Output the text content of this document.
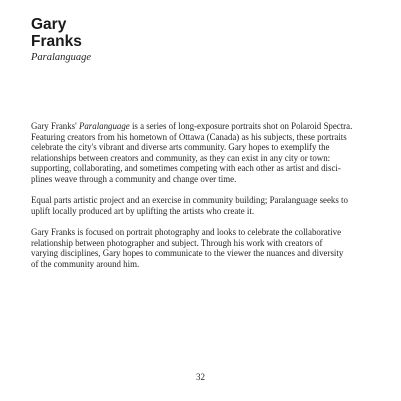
Gary
Franks
Paralanguage
Gary Franks' Paralanguage is a series of long-exposure portraits shot on Polaroid Spectra.
Featuring creators from his hometown of Ottawa (Canada) as his subjects, these portraits
celebrate the city's vibrant and diverse arts community. Gary hopes to exemplify the
relationships between creators and community, as they can exist in any city or town:
supporting, collaborating, and sometimes competing with each other as artist and disci-
plines weave through a community and change over time.
Equal parts artistic project and an exercise in community building; Paralanguage seeks to
uplift locally produced art by uplifting the artists who create it.
Gary Franks is focused on portrait photography and looks to celebrate the collaborative
relationship between photographer and subject. Through his work with creators of
varying disciplines, Gary hopes to communicate to the viewer the nuances and diversity
of the community around him.
32
